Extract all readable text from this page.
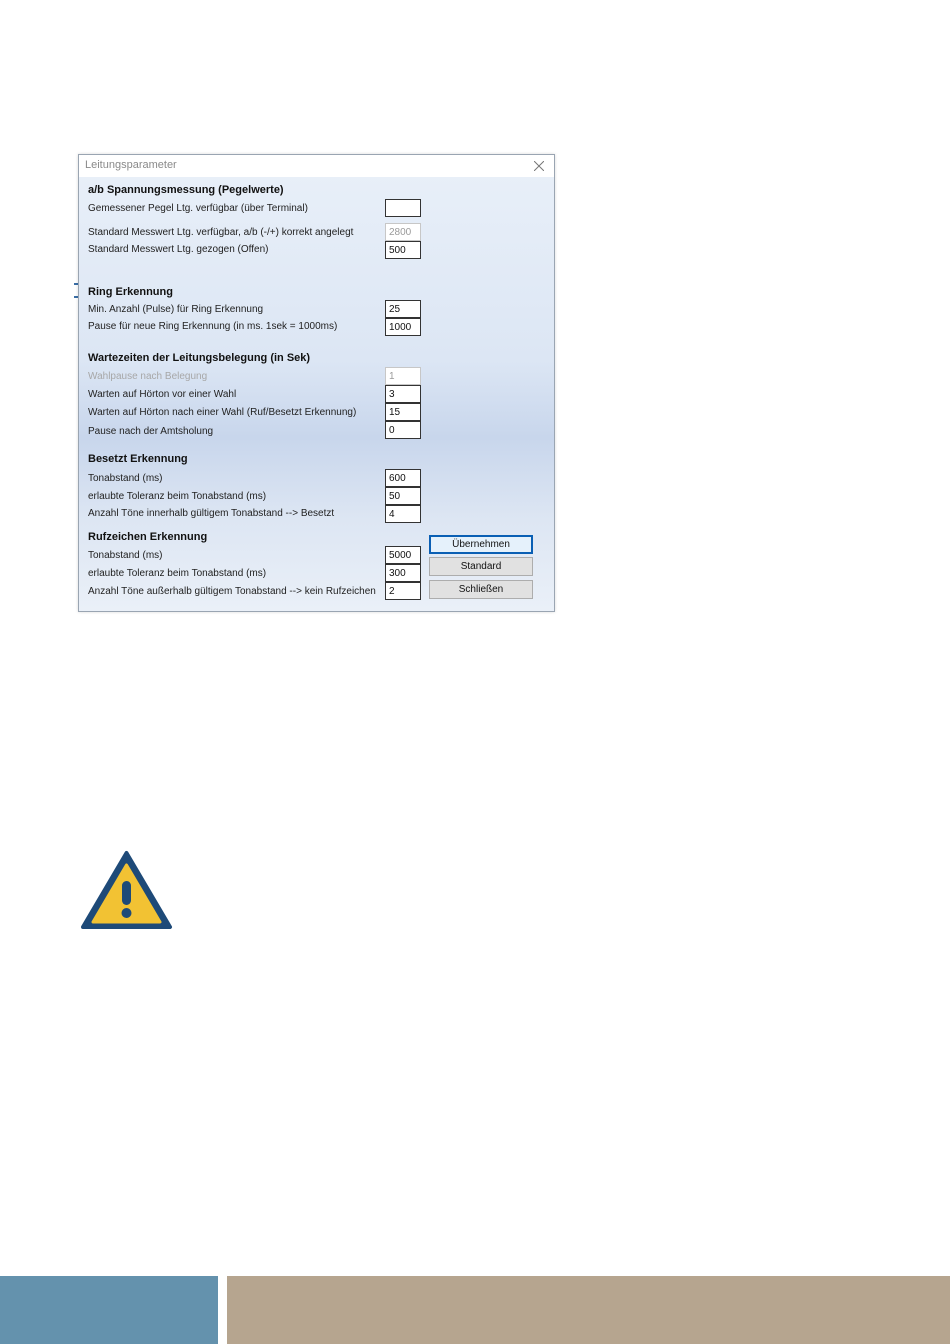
Leitungsparameter
a/b Spannungsmessung (Pegelwerte)
Gemessener Pegel Ltg. verfügbar (über Terminal)
Standard Messwert Ltg. verfügbar, a/b (-/+) korrekt angelegt	2800
Standard Messwert Ltg. gezogen (Offen)	500
Ring Erkennung
Min. Anzahl (Pulse) für Ring Erkennung	25
Pause für neue Ring Erkennung (in ms. 1sek = 1000ms)	1000
Wartezeiten der Leitungsbelegung (in Sek)
Wahlpause nach Belegung	1
Warten auf Hörton vor einer Wahl	3
Warten auf Hörton nach einer Wahl (Ruf/Besetzt Erkennung)	15
Pause nach der Amtsholung	0
Besetzt Erkennung
Tonabstand (ms)	600
erlaubte Toleranz beim Tonabstand (ms)	50
Anzahl Töne innerhalb gültigem Tonabstand --> Besetzt	4
Rufzeichen Erkennung
Tonabstand (ms)	5000
erlaubte Toleranz beim Tonabstand (ms)	300
Anzahl Töne außerhalb gültigem Tonabstand --> kein Rufzeichen	2
Übernehmen
Standard
Schließen
